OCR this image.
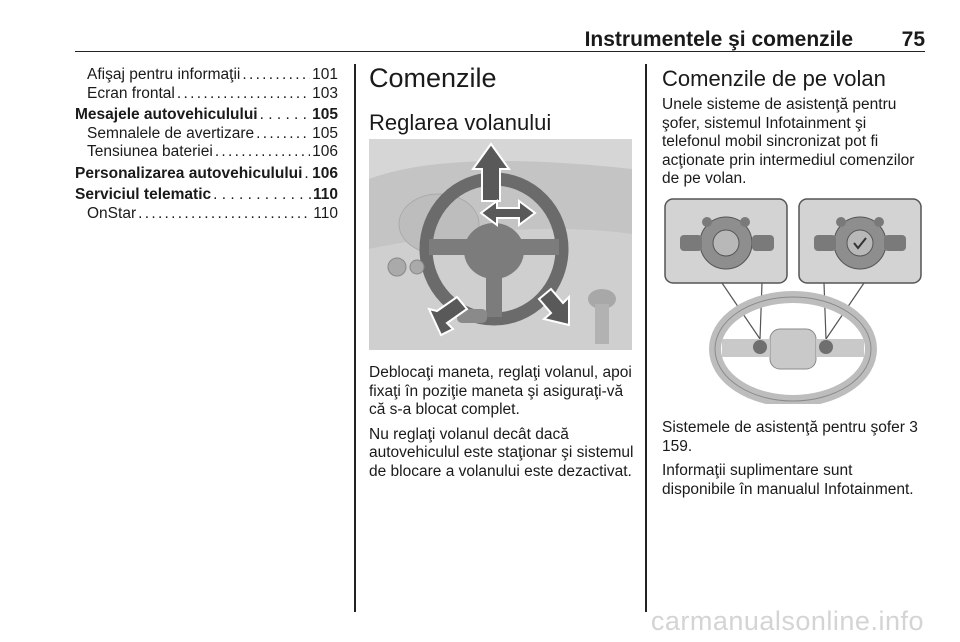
Instrumentele şi comenzile 75
Afişaj pentru informaţii . . .	101
Ecran frontal . . .	103
Mesajele autovehiculului . . .	105
Semnalele de avertizare . . .	105
Tensiunea bateriei . . .	106
Personalizarea autovehiculului . . . 106
Serviciul telematic . . .	110
OnStar . . .	110
Comenzile
Reglarea volanului

Deblocaţi maneta, reglaţi volanul, apoi fixaţi în poziţie maneta şi asiguraţi-vă că s-a blocat complet.

Nu reglaţi volanul decât dacă autovehiculul este staţionar şi sistemul de blocare a volanului este dezactivat.

Comenzile de pe volan
Unele sisteme de asistenţă pentru şofer, sistemul Infotainment şi telefonul mobil sincronizat pot fi acţionate prin intermediul comenzilor de pe volan.

Sistemele de asistenţă pentru şofer 3 159.

Informaţii suplimentare sunt disponibile în manualul Infotainment.

carmanualsonline.info
